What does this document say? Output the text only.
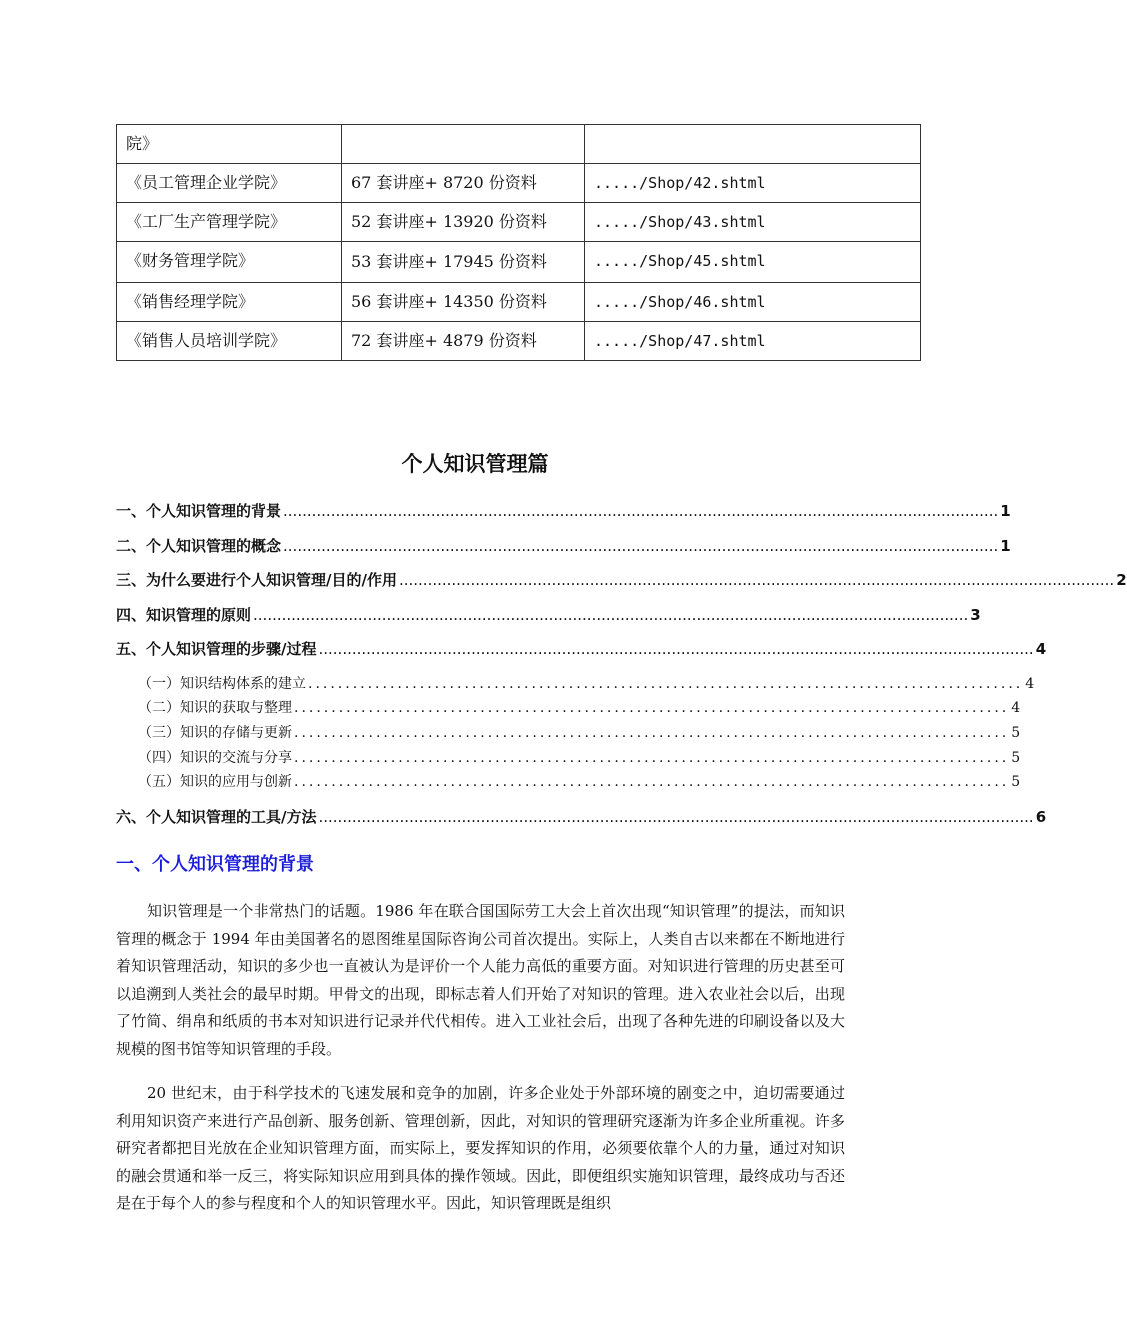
院》		
《员工管理企业学院》	67 套讲座+ 8720 份资料	...../Shop/42.shtml
《工厂生产管理学院》	52 套讲座+ 13920 份资料	...../Shop/43.shtml
《财务管理学院》	53 套讲座+ 17945 份资料	...../Shop/45.shtml
《销售经理学院》	56 套讲座+ 14350 份资料	...../Shop/46.shtml
《销售人员培训学院》	72 套讲座+ 4879 份资料	...../Shop/47.shtml
个人知识管理篇
一、个人知识管理的背景 ...................................................................................................................................................... 1
二、个人知识管理的概念 ...................................................................................................................................................... 1
三、为什么要进行个人知识管理/目的/作用 ...................................................................................................................................................... 2
四、知识管理的原则 ...................................................................................................................................................... 3
五、个人知识管理的步骤/过程 ...................................................................................................................................................... 4
（一）知识结构体系的建立 ................................................................................................ 4
（二）知识的获取与整理 ................................................................................................ 4
（三）知识的存储与更新 ................................................................................................ 5
（四）知识的交流与分享 ................................................................................................ 5
（五）知识的应用与创新 ................................................................................................ 5
六、个人知识管理的工具/方法 ...................................................................................................................................................... 6
一、个人知识管理的背景
知识管理是一个非常热门的话题。1986 年在联合国国际劳工大会上首次出现“知识管理”的提法，而知识管理的概念于 1994 年由美国著名的恩图维星国际咨询公司首次提出。实际上，人类自古以来都在不断地进行着知识管理活动，知识的多少也一直被认为是评价一个人能力高低的重要方面。对知识进行管理的历史甚至可以追溯到人类社会的最早时期。甲骨文的出现，即标志着人们开始了对知识的管理。进入农业社会以后，出现了竹简、绢帛和纸质的书本对知识进行记录并代代相传。进入工业社会后，出现了各种先进的印刷设备以及大规模的图书馆等知识管理的手段。
20 世纪末，由于科学技术的飞速发展和竞争的加剧，许多企业处于外部环境的剧变之中，迫切需要通过利用知识资产来进行产品创新、服务创新、管理创新，因此，对知识的管理研究逐渐为许多企业所重视。许多研究者都把目光放在企业知识管理方面，而实际上，要发挥知识的作用，必须要依靠个人的力量，通过对知识的融会贯通和举一反三，将实际知识应用到具体的操作领域。因此，即便组织实施知识管理，最终成功与否还是在于每个人的参与程度和个人的知识管理水平。因此，知识管理既是组织
